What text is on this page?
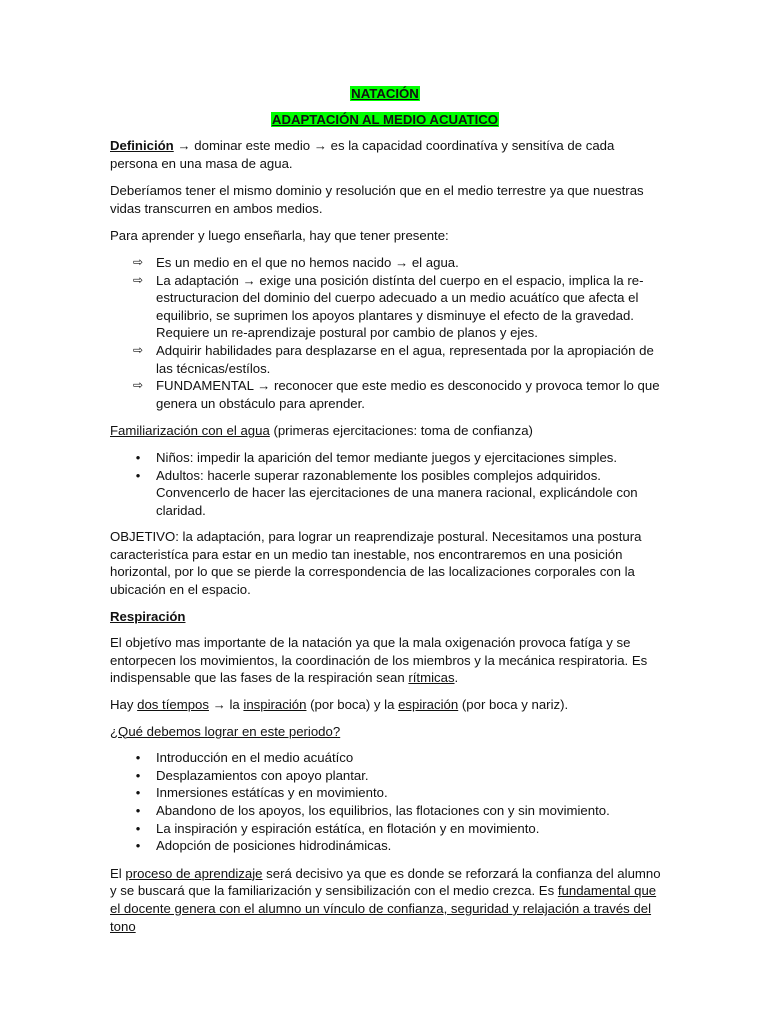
NATACIÓN

ADAPTACIÓN AL MEDIO ACUATICO

Definición → dominar este medio → es la capacidad coordinatíva y sensitíva de cada persona en una masa de agua.

Deberíamos tener el mismo dominio y resolución que en el medio terrestre ya que nuestras vidas transcurren en ambos medios.

Para aprender y luego enseñarla, hay que tener presente:

⇨ Es un medio en el que no hemos nacido → el agua.
⇨ La adaptación → exige una posición distínta del cuerpo en el espacio, implica la re-estructuracion del dominio del cuerpo adecuado a un medio acuátíco que afecta el equilibrio, se suprimen los apoyos plantares y disminuye el efecto de la gravedad. Requiere un re-aprendizaje postural por cambio de planos y ejes.
⇨ Adquirir habilidades para desplazarse en el agua, representada por la apropiación de las técnicas/estílos.
⇨ FUNDAMENTAL → reconocer que este medio es desconocido y provoca temor lo que genera un obstáculo para aprender.

Familiarización con el agua (primeras ejercitaciones: toma de confianza)

•	Niños: impedir la aparición del temor mediante juegos y ejercitaciones simples.
•	Adultos: hacerle superar razonablemente los posibles complejos adquiridos. Convencerlo de hacer las ejercitaciones de una manera racional, explicándole con claridad.

OBJETIVO: la adaptación, para lograr un reaprendizaje postural. Necesitamos una postura caracteristíca para estar en un medio tan inestable, nos encontraremos en una posición horizontal, por lo que se pierde la correspondencia de las localizaciones corporales con la ubicación en el espacio.

Respiración

El objetívo mas importante de la natación ya que la mala oxigenación provoca fatíga y se entorpecen los movimientos, la coordinación de los miembros y la mecánica respiratoria. Es indispensable que las fases de la respiración sean rítmicas.

Hay dos tíempos → la inspiración (por boca) y la espiración (por boca y nariz).

¿Qué debemos lograr en este periodo?

•	Introducción en el medio acuátíco
•	Desplazamientos con apoyo plantar.
•	Inmersiones estátícas y en movimiento.
•	Abandono de los apoyos, los equilibrios, las flotaciones con y sin movimiento.
•	La inspiración y espiración estátíca, en flotación y en movimiento.
•	Adopción de posiciones hidrodinámicas.

El proceso de aprendizaje será decisivo ya que es donde se reforzará la confianza del alumno y se buscará que la familiarización y sensibilización con el medio crezca. Es fundamental que el docente genera con el alumno un vínculo de confianza, seguridad y relajación a través del tono
